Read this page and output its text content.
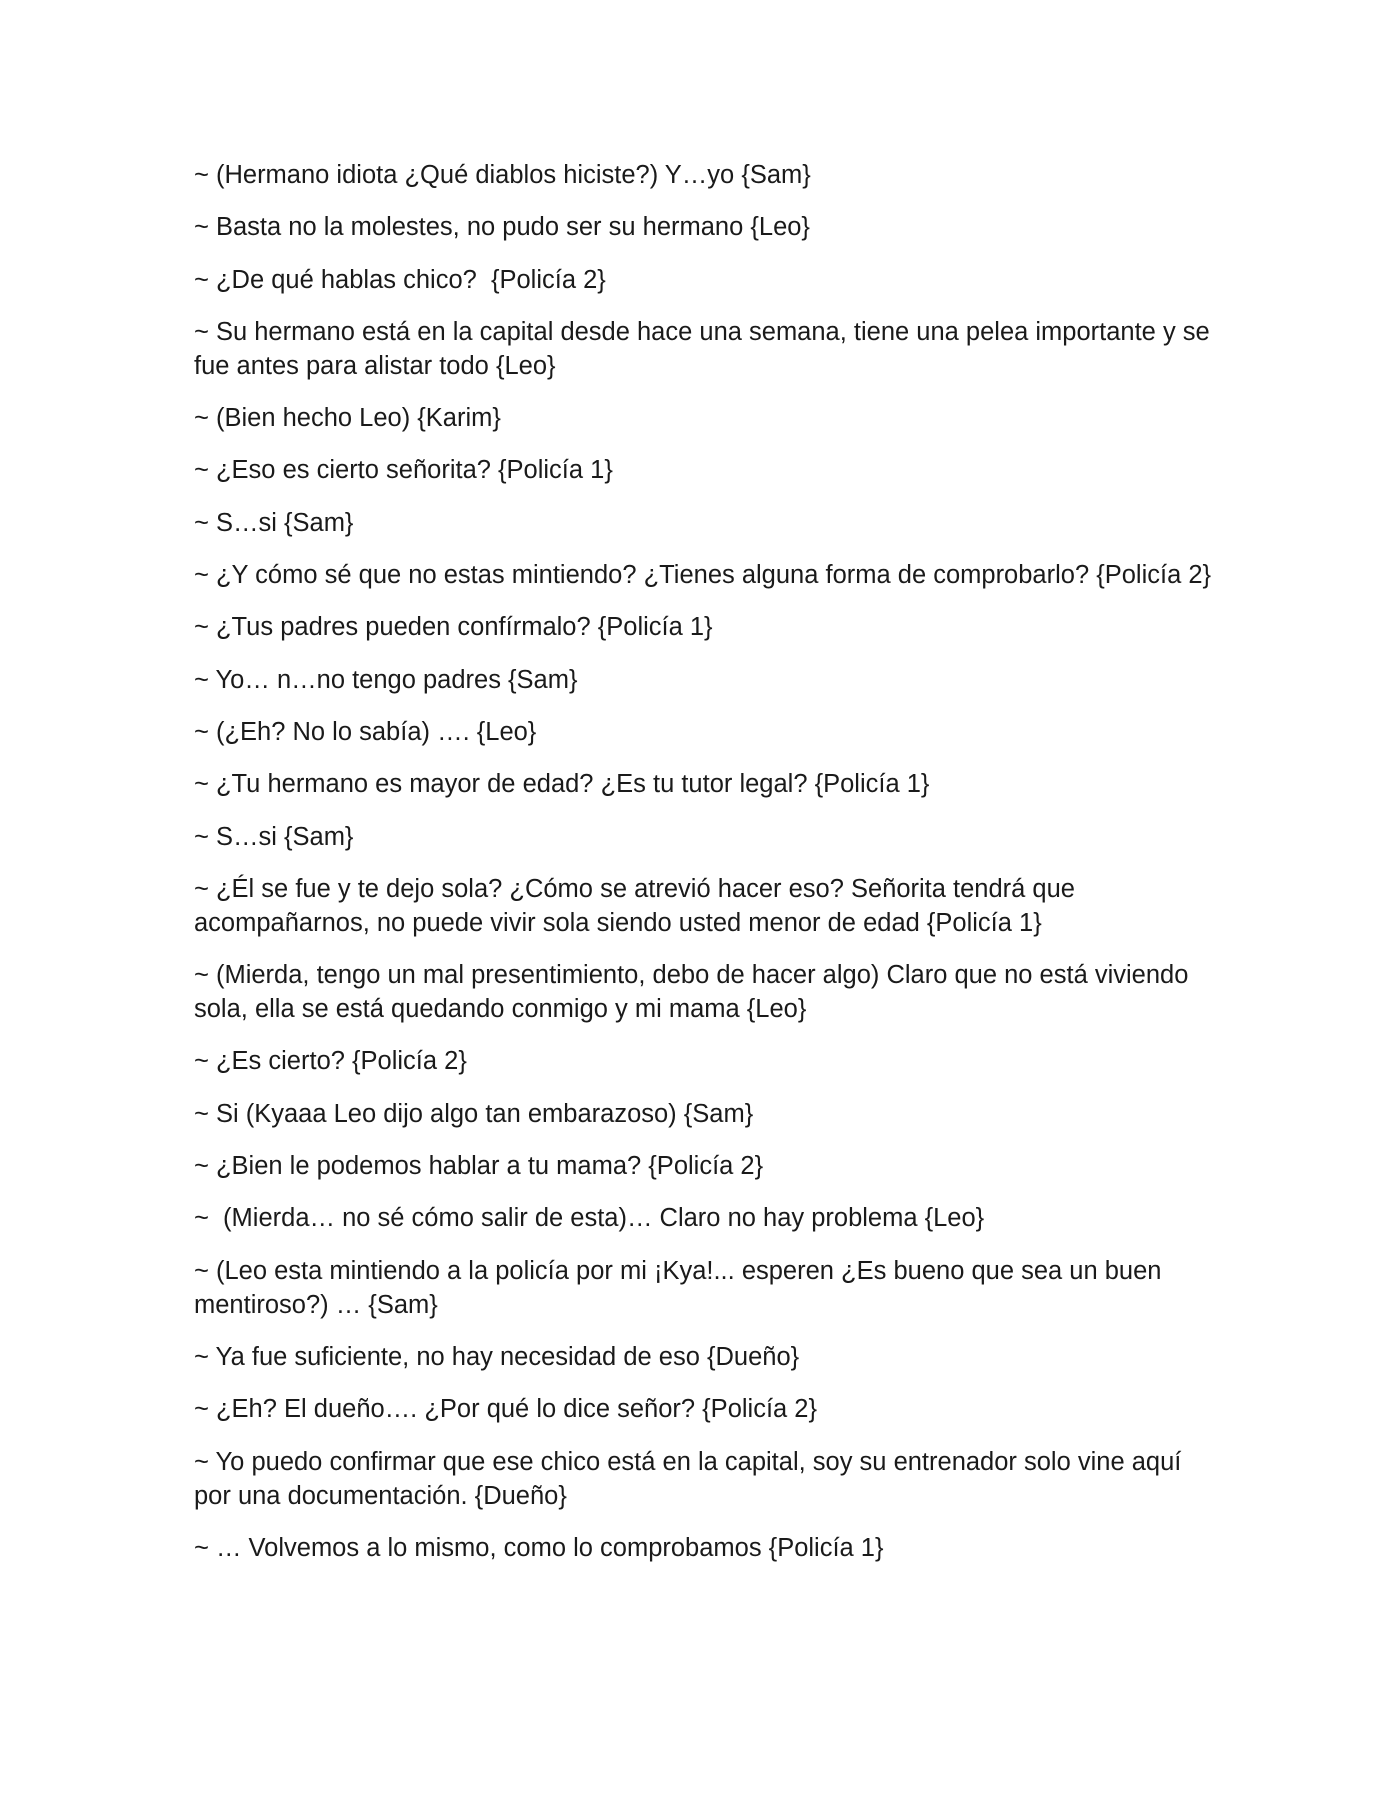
~ (Hermano idiota ¿Qué diablos hiciste?) Y…yo {Sam}

~ Basta no la molestes, no pudo ser su hermano {Leo}

~ ¿De qué hablas chico?  {Policía 2}

~ Su hermano está en la capital desde hace una semana, tiene una pelea importante y se fue antes para alistar todo {Leo}

~ (Bien hecho Leo) {Karim}

~ ¿Eso es cierto señorita? {Policía 1}

~ S…si {Sam}

~ ¿Y cómo sé que no estas mintiendo? ¿Tienes alguna forma de comprobarlo? {Policía 2}

~ ¿Tus padres pueden confírmalo? {Policía 1}

~ Yo… n…no tengo padres {Sam}

~ (¿Eh? No lo sabía) …. {Leo}

~ ¿Tu hermano es mayor de edad? ¿Es tu tutor legal? {Policía 1}

~ S…si {Sam}

~ ¿Él se fue y te dejo sola? ¿Cómo se atrevió hacer eso? Señorita tendrá que acompañarnos, no puede vivir sola siendo usted menor de edad {Policía 1}

~ (Mierda, tengo un mal presentimiento, debo de hacer algo) Claro que no está viviendo sola, ella se está quedando conmigo y mi mama {Leo}

~ ¿Es cierto? {Policía 2}

~ Si (Kyaaa Leo dijo algo tan embarazoso) {Sam}

~ ¿Bien le podemos hablar a tu mama? {Policía 2}

~  (Mierda… no sé cómo salir de esta)… Claro no hay problema {Leo}

~ (Leo esta mintiendo a la policía por mi ¡Kya!... esperen ¿Es bueno que sea un buen mentiroso?) … {Sam}

~ Ya fue suficiente, no hay necesidad de eso {Dueño}

~ ¿Eh? El dueño…. ¿Por qué lo dice señor? {Policía 2}

~ Yo puedo confirmar que ese chico está en la capital, soy su entrenador solo vine aquí por una documentación. {Dueño}

~ … Volvemos a lo mismo, como lo comprobamos {Policía 1}
